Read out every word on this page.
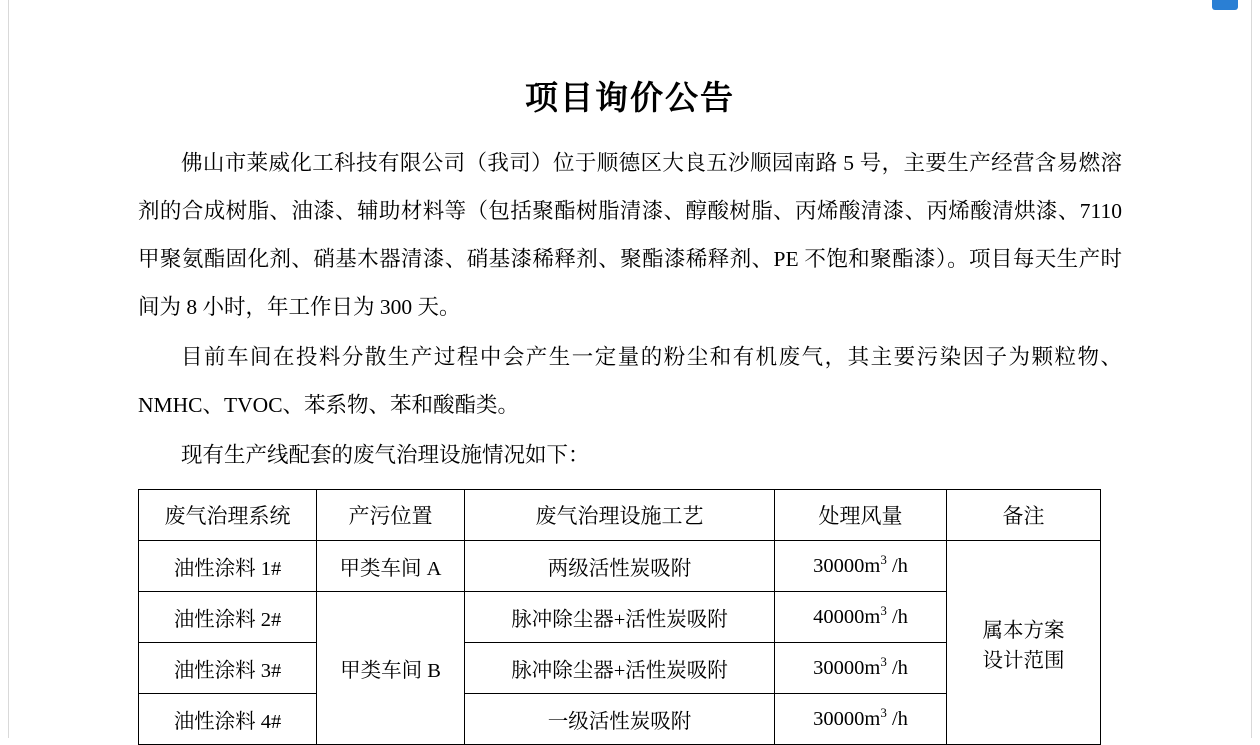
项目询价公告

佛山市莱威化工科技有限公司（我司）位于顺德区大良五沙顺园南路 5 号，主要生产经营含易燃溶剂的合成树脂、油漆、辅助材料等（包括聚酯树脂清漆、醇酸树脂、丙烯酸清漆、丙烯酸清烘漆、7110 甲聚氨酯固化剂、硝基木器清漆、硝基漆稀释剂、聚酯漆稀释剂、PE 不饱和聚酯漆）。项目每天生产时间为 8 小时，年工作日为 300 天。

目前车间在投料分散生产过程中会产生一定量的粉尘和有机废气，其主要污染因子为颗粒物、NMHC、TVOC、苯系物、苯和酸酯类。

现有生产线配套的废气治理设施情况如下：

废气治理系统	产污位置	废气治理设施工艺	处理风量	备注
油性涂料 1#	甲类车间 A	两级活性炭吸附	$30000m^3$ /h	属本方案
设计范围

油性涂料 2#	甲类车间 B	脉冲除尘器+活性炭吸附	$40000m^3$ /h	
油性涂料 3#		脉冲除尘器+活性炭吸附	$30000m^3$ /h	
油性涂料 4#		一级活性炭吸附	$30000m^3$ /h	
